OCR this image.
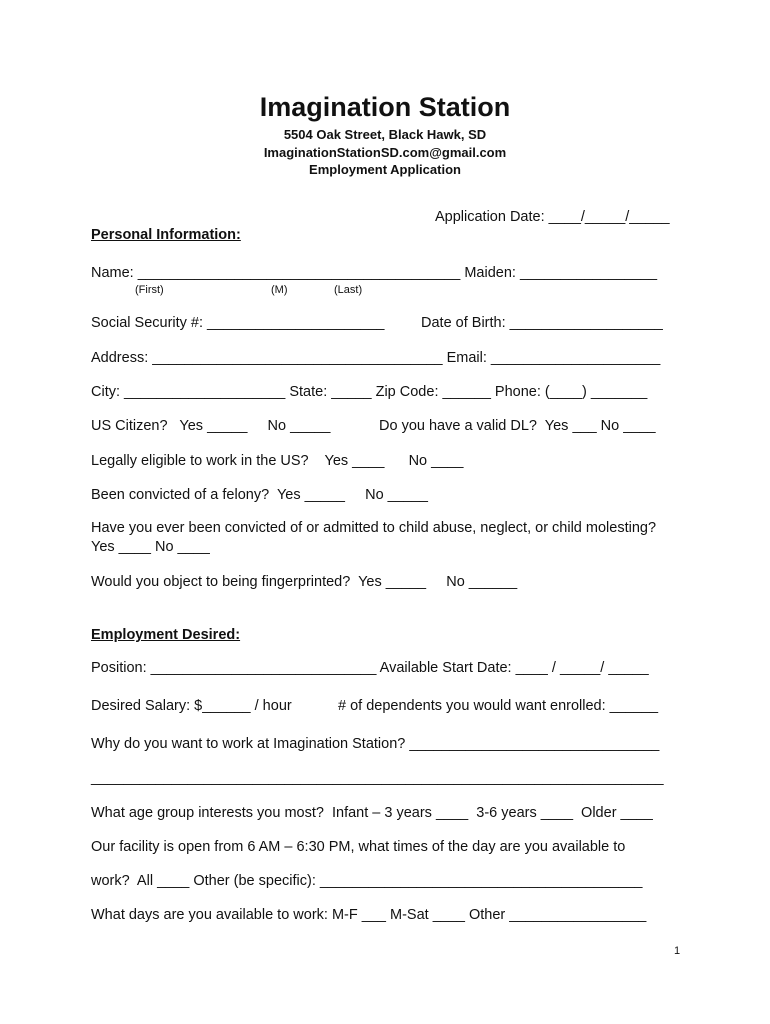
Imagination Station
5504 Oak Street, Black Hawk, SD
ImaginationStationSD.com@gmail.com
Employment Application
Application Date: ____/_____/_____
Personal Information:
Name: ________________________________________ Maiden: _________________
(First)	(M)	(Last)
Social Security #: ______________________	Date of Birth: ___________________
Address: ____________________________________ Email: _____________________
City: ____________________ State: _____ Zip Code: ______ Phone: (____) _______
US Citizen?   Yes _____     No _____	Do you have a valid DL?  Yes ___ No ____
Legally eligible to work in the US?    Yes ____      No ____
Been convicted of a felony?  Yes _____     No _____
Have you ever been convicted of or admitted to child abuse, neglect, or child molesting?
Yes ____ No ____
Would you object to being fingerprinted?  Yes _____     No ______
Employment Desired:
Position: ____________________________ Available Start Date: ____ / _____/ _____
Desired Salary: $______ / hour	# of dependents you would want enrolled: ______
Why do you want to work at Imagination Station? _______________________________
_______________________________________________________________________
What age group interests you most?  Infant – 3 years ____  3-6 years ____  Older ____
Our facility is open from 6 AM – 6:30 PM, what times of the day are you available to
work?  All ____ Other (be specific): ________________________________________
What days are you available to work: M-F ___ M-Sat ____ Other _________________
1
